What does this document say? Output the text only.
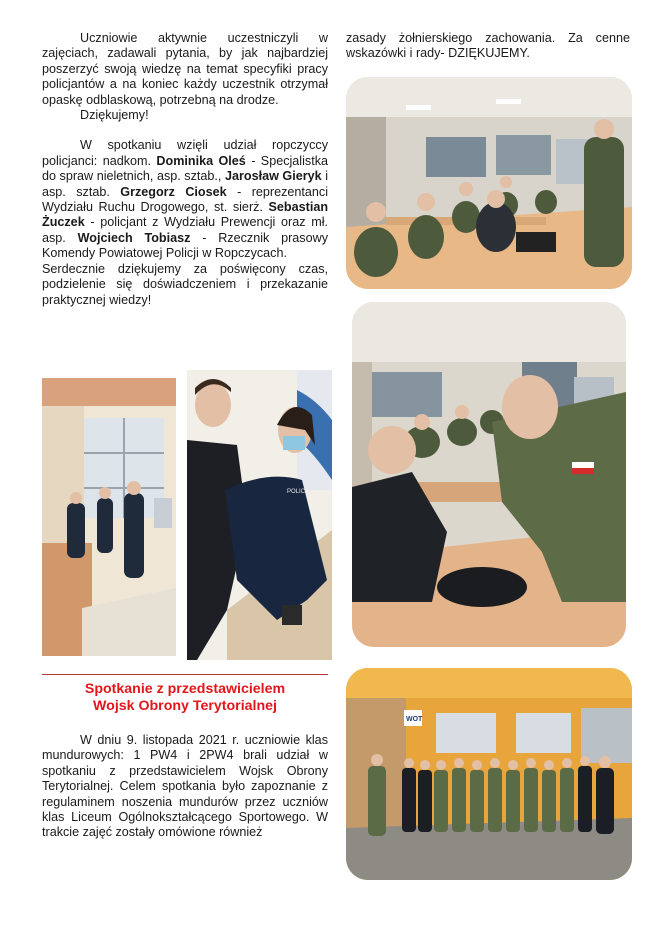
Uczniowie aktywnie uczestniczyli w zajęciach, zadawali pytania, by jak najbardziej poszerzyć swoją wiedzę na temat specyfiki pracy policjantów a na koniec każdy uczestnik otrzymał opaskę odblaskową, potrzebną na drodze.

Dziękujemy!

W spotkaniu wzięli udział ropczyccy policjanci: nadkom. Dominika Oleś - Specjalistka do spraw nieletnich, asp. sztab., Jarosław Gieryk i asp. sztab. Grzegorz Ciosek - reprezentanci Wydziału Ruchu Drogowego, st. sierż. Sebastian Żuczek - policjant z Wydziału Prewencji oraz mł. asp. Wojciech Tobiasz - Rzecznik prasowy Komendy Powiatowej Policji w Ropczycach.

Serdecznie dziękujemy za poświęcony czas, podzielenie się doświadczeniem i przekazanie praktycznej wiedzy!

zasady żołnierskiego zachowania. Za cenne wskazówki i rady- DZIĘKUJEMY.

POLICJA
Spotkanie z przedstawicielem
Wojsk Obrony Terytorialnej

W dniu 9. listopada 2021 r. uczniowie klas mundurowych: 1 PW4 i 2PW4 brali udział w spotkaniu z przedstawicielem Wojsk Obrony Terytorialnej. Celem spotkania było zapoznanie z regulaminem noszenia mundurów przez uczniów klas Liceum Ogólnokształcącego Sportowego. W trakcie zajęć zostały omówione również

WOT
